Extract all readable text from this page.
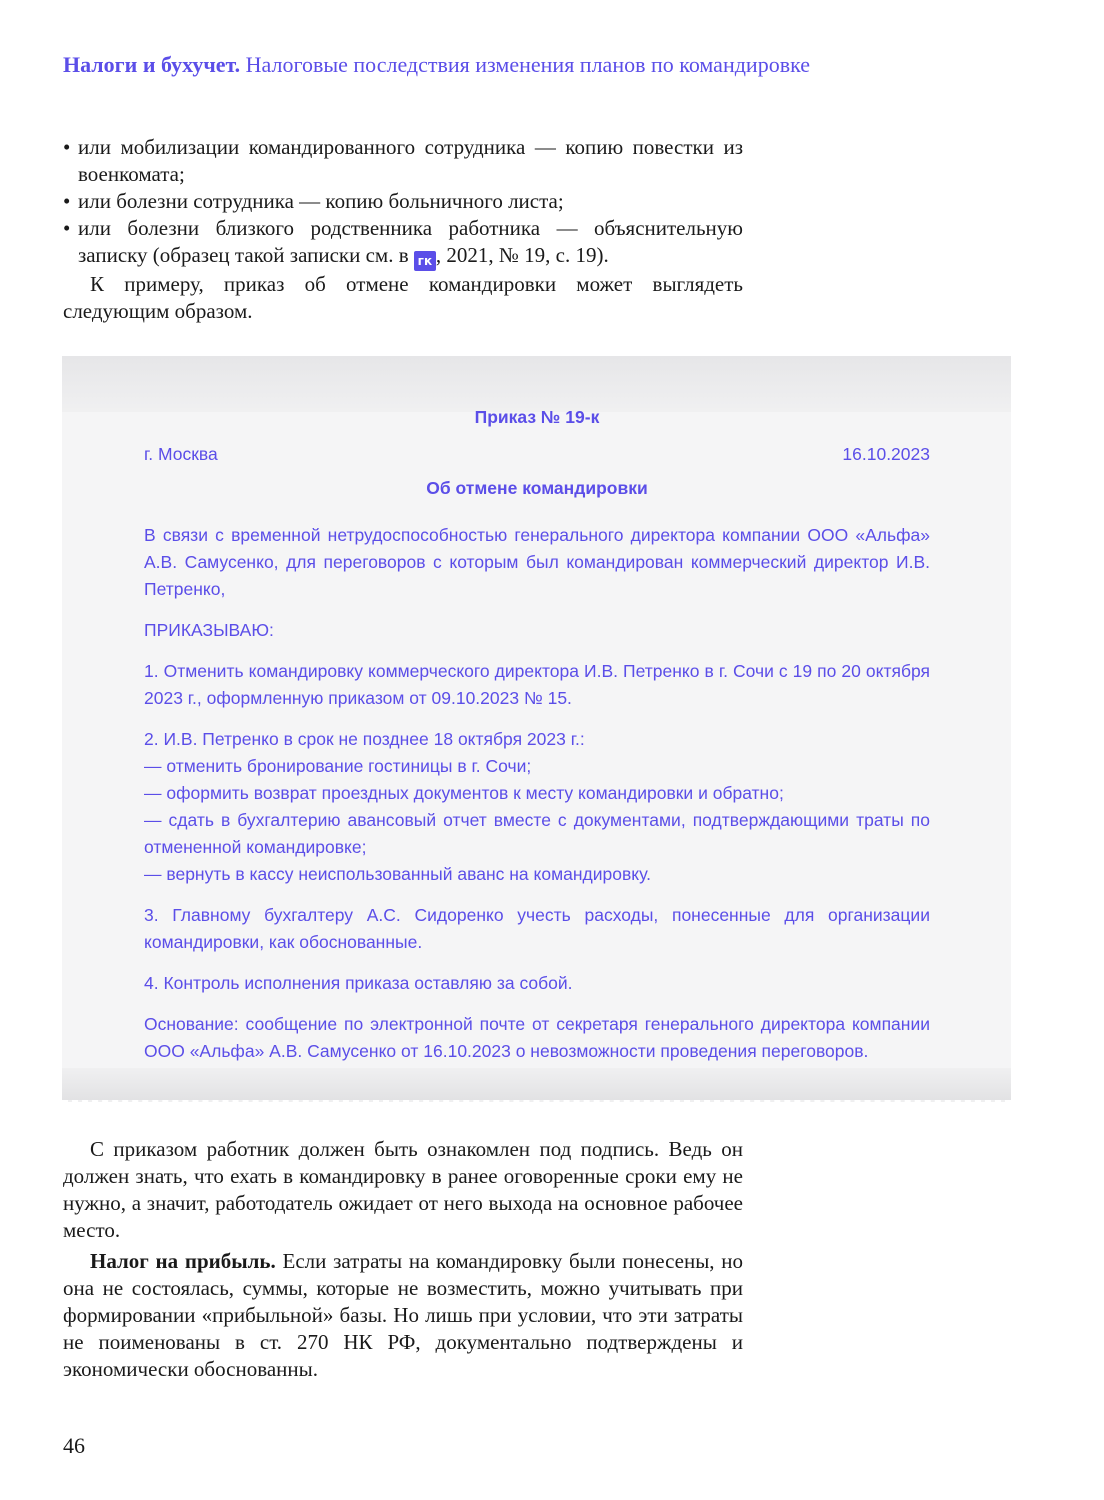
Налоги и бухучет. Налоговые последствия изменения планов по командировке
• или мобилизации командированного сотрудника — копию повестки из военкомата;
• или болезни сотрудника — копию больничного листа;
• или болезни близкого родственника работника — объяснительную записку (образец такой записки см. в гк , 2021, № 19, с. 19).
К примеру, приказ об отмене командировки может выглядеть следующим образом.
Приказ № 19-к
г. Москва	16.10.2023
Об отмене командировки
В связи с временной нетрудоспособностью генерального директора компании ООО «Альфа» А.В. Самусенко, для переговоров с которым был командирован коммерческий директор И.В. Петренко,
ПРИКАЗЫВАЮ:
1. Отменить командировку коммерческого директора И.В. Петренко в г. Сочи с 19 по 20 октября 2023 г., оформленную приказом от 09.10.2023 № 15.
2. И.В. Петренко в срок не позднее 18 октября 2023 г.:
— отменить бронирование гостиницы в г. Сочи;
— оформить возврат проездных документов к месту командировки и обратно;
— сдать в бухгалтерию авансовый отчет вместе с документами, подтверждающими траты по отмененной командировке;
— вернуть в кассу неиспользованный аванс на командировку.
3. Главному бухгалтеру А.С. Сидоренко учесть расходы, понесенные для организации командировки, как обоснованные.
4. Контроль исполнения приказа оставляю за собой.
Основание: сообщение по электронной почте от секретаря генерального директора компании ООО «Альфа» А.В. Самусенко от 16.10.2023 о невозможности проведения переговоров.
С приказом работник должен быть ознакомлен под подпись. Ведь он должен знать, что ехать в командировку в ранее оговоренные сроки ему не нужно, а значит, работодатель ожидает от него выхода на основное рабочее место.
Налог на прибыль. Если затраты на командировку были понесены, но она не состоялась, суммы, которые не возместить, можно учитывать при формировании «прибыльной» базы. Но лишь при условии, что эти затраты не поименованы в ст. 270 НК РФ, документально подтверждены и экономически обоснованны.
46
